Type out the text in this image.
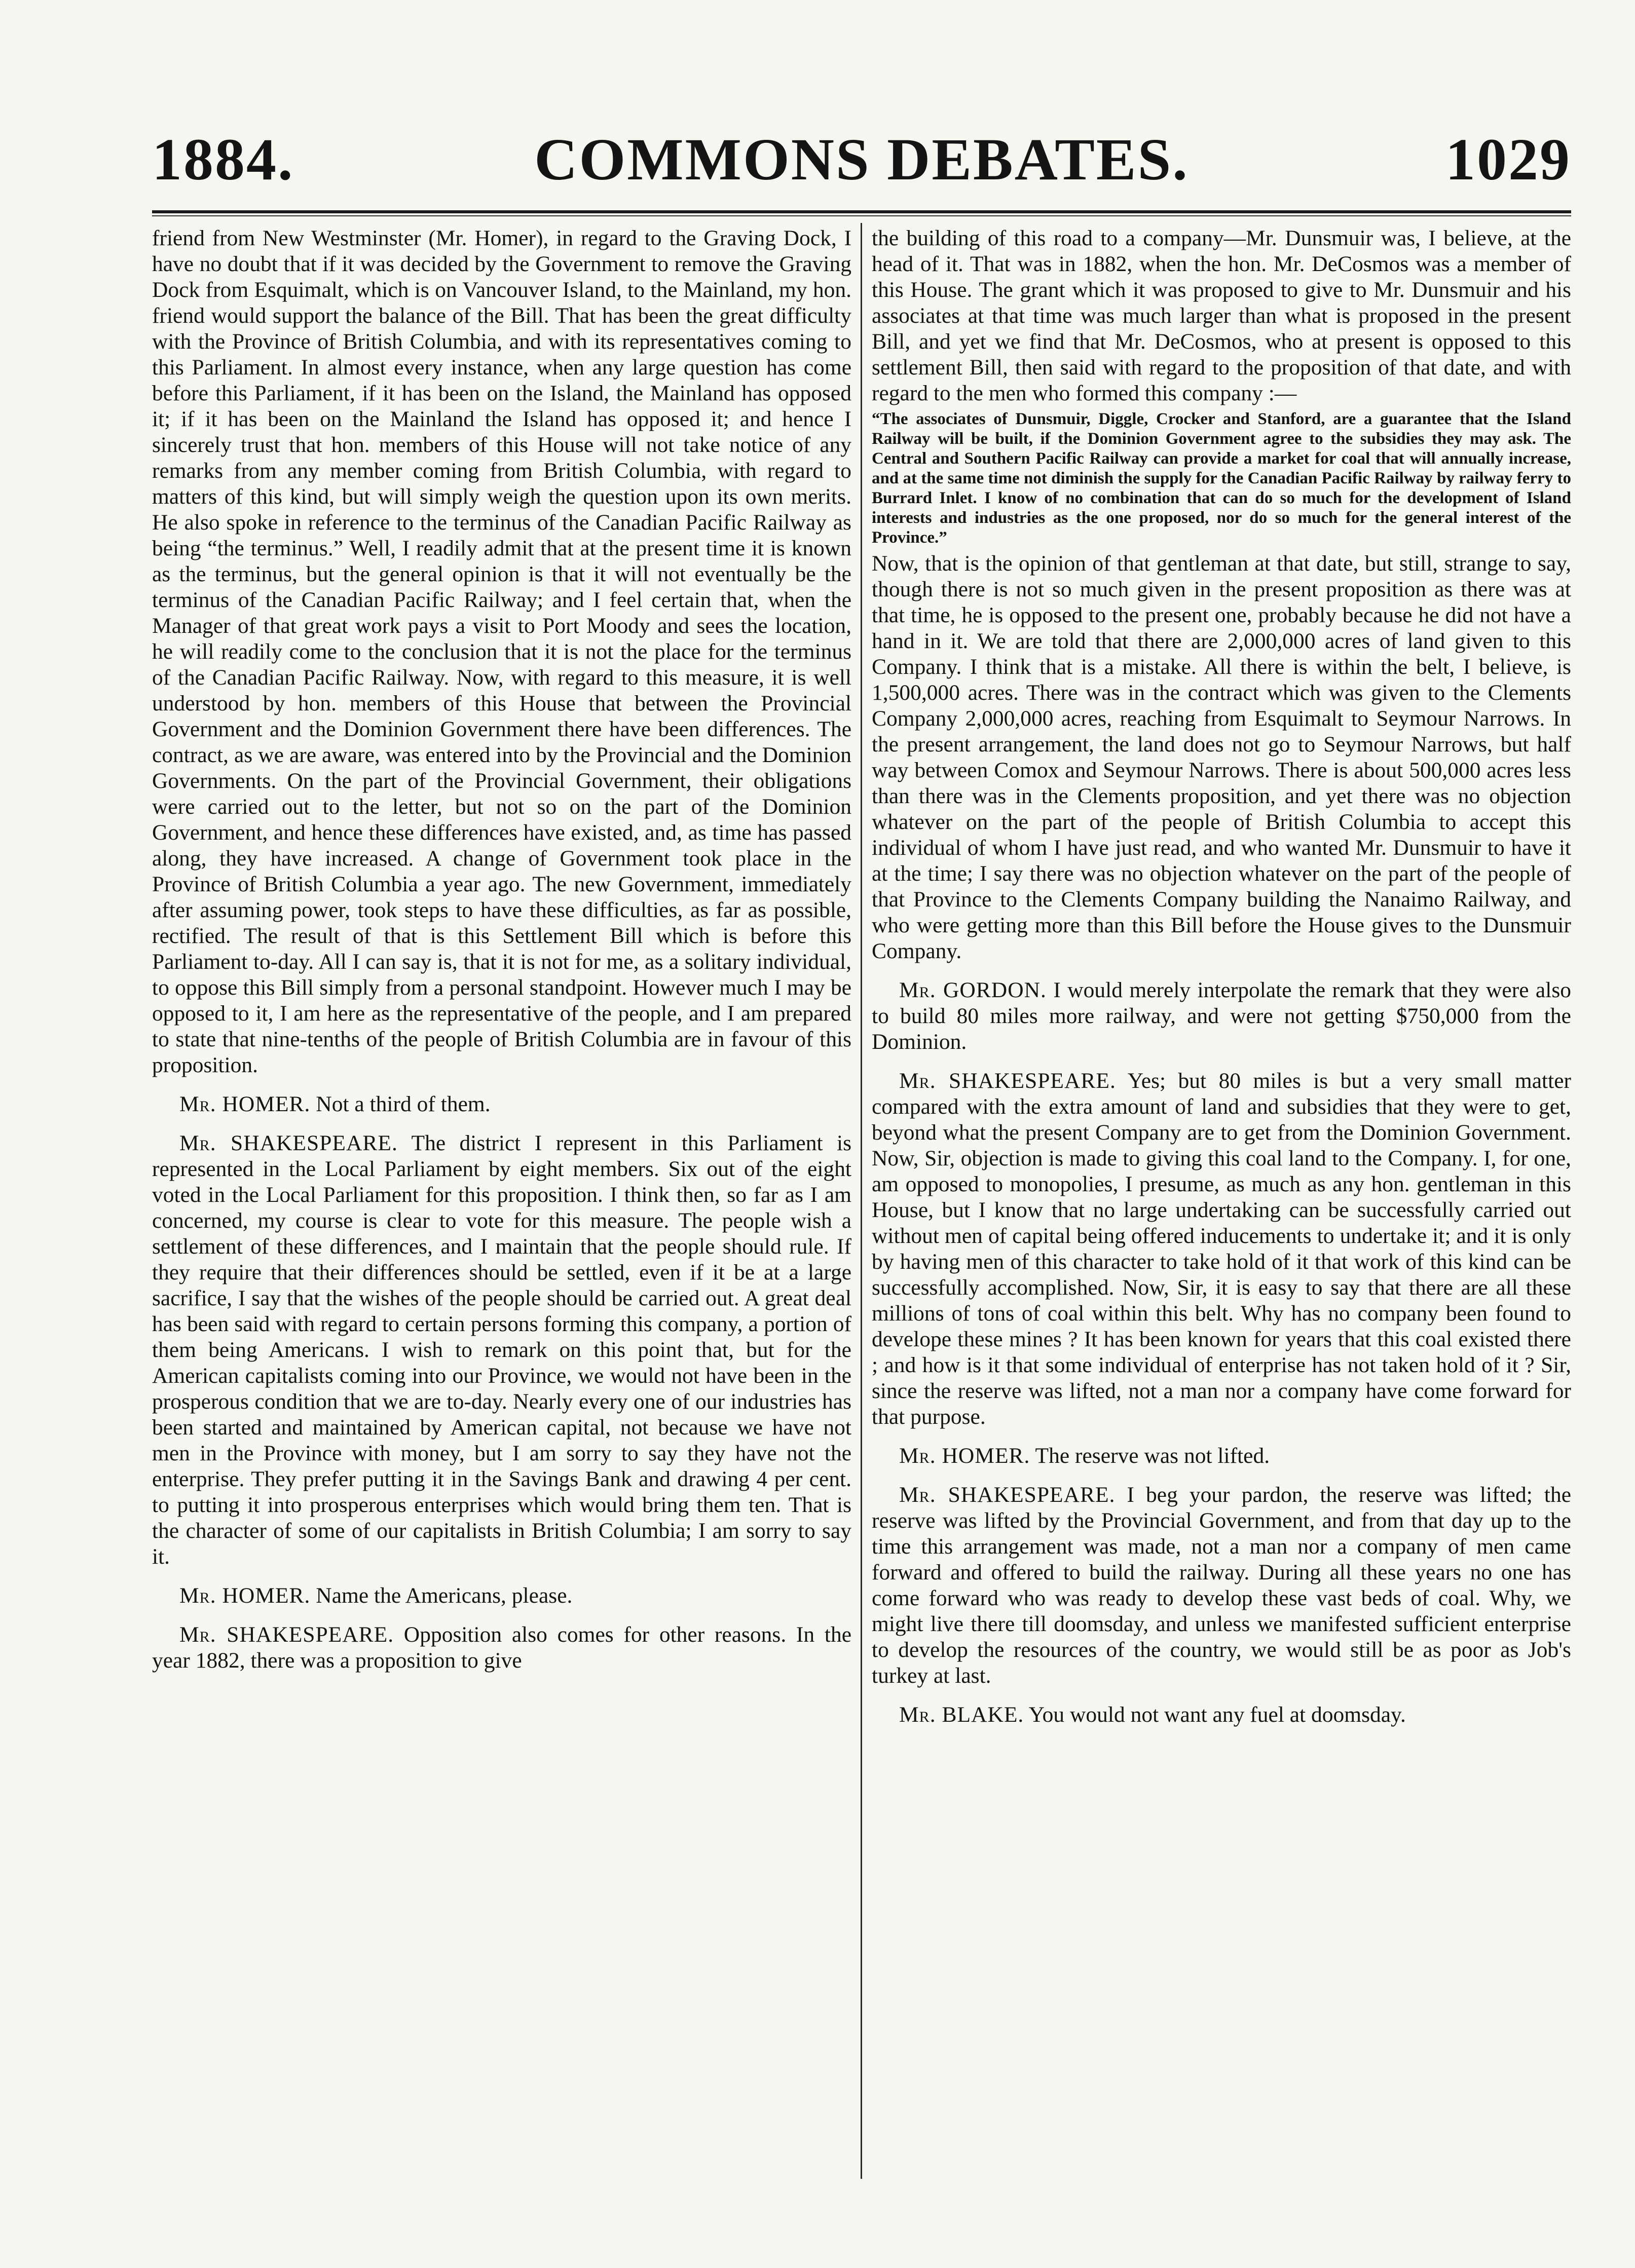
1884.	COMMONS DEBATES.	1029

friend from New Westminster (Mr. Homer), in regard to the Graving Dock, I have no doubt that if it was decided by the Government to remove the Graving Dock from Esquimalt, which is on Vancouver Island, to the Mainland, my hon. friend would support the balance of the Bill. That has been the great difficulty with the Province of British Columbia, and with its representatives coming to this Parliament. In almost every instance, when any large question has come before this Parliament, if it has been on the Island, the Mainland has opposed it; if it has been on the Mainland the Island has opposed it; and hence I sincerely trust that hon. members of this House will not take notice of any remarks from any member coming from British Columbia, with regard to matters of this kind, but will simply weigh the question upon its own merits. He also spoke in reference to the terminus of the Canadian Pacific Railway as being “the terminus.” Well, I readily admit that at the present time it is known as the terminus, but the general opinion is that it will not eventually be the terminus of the Canadian Pacific Railway; and I feel certain that, when the Manager of that great work pays a visit to Port Moody and sees the location, he will readily come to the conclusion that it is not the place for the terminus of the Canadian Pacific Railway. Now, with regard to this measure, it is well understood by hon. members of this House that between the Provincial Government and the Dominion Government there have been differences. The contract, as we are aware, was entered into by the Provincial and the Dominion Governments. On the part of the Provincial Government, their obligations were carried out to the letter, but not so on the part of the Dominion Government, and hence these differences have existed, and, as time has passed along, they have increased. A change of Government took place in the Province of British Columbia a year ago. The new Government, immediately after assuming power, took steps to have these difficulties, as far as possible, rectified. The result of that is this Settlement Bill which is before this Parliament to-day. All I can say is, that it is not for me, as a solitary individual, to oppose this Bill simply from a personal standpoint. However much I may be opposed to it, I am here as the representative of the people, and I am prepared to state that nine-tenths of the people of British Columbia are in favour of this proposition.

Mr. HOMER. Not a third of them.

Mr. SHAKESPEARE. The district I represent in this Parliament is represented in the Local Parliament by eight members. Six out of the eight voted in the Local Parliament for this proposition. I think then, so far as I am concerned, my course is clear to vote for this measure. The people wish a settlement of these differences, and I maintain that the people should rule. If they require that their differences should be settled, even if it be at a large sacrifice, I say that the wishes of the people should be carried out. A great deal has been said with regard to certain persons forming this company, a portion of them being Americans. I wish to remark on this point that, but for the American capitalists coming into our Province, we would not have been in the prosperous condition that we are to-day. Nearly every one of our industries has been started and maintained by American capital, not because we have not men in the Province with money, but I am sorry to say they have not the enterprise. They prefer putting it in the Savings Bank and drawing 4 per cent. to putting it into prosperous enterprises which would bring them ten. That is the character of some of our capitalists in British Columbia; I am sorry to say it.

Mr. HOMER. Name the Americans, please.

Mr. SHAKESPEARE. Opposition also comes for other reasons. In the year 1882, there was a proposition to give

the building of this road to a company—Mr. Dunsmuir was, I believe, at the head of it. That was in 1882, when the hon. Mr. DeCosmos was a member of this House. The grant which it was proposed to give to Mr. Dunsmuir and his associates at that time was much larger than what is proposed in the present Bill, and yet we find that Mr. DeCosmos, who at present is opposed to this settlement Bill, then said with regard to the proposition of that date, and with regard to the men who formed this company :—

“The associates of Dunsmuir, Diggle, Crocker and Stanford, are a guarantee that the Island Railway will be built, if the Dominion Government agree to the subsidies they may ask. The Central and Southern Pacific Railway can provide a market for coal that will annually increase, and at the same time not diminish the supply for the Canadian Pacific Railway by railway ferry to Burrard Inlet. I know of no combination that can do so much for the development of Island interests and industries as the one proposed, nor do so much for the general interest of the Province.”

Now, that is the opinion of that gentleman at that date, but still, strange to say, though there is not so much given in the present proposition as there was at that time, he is opposed to the present one, probably because he did not have a hand in it. We are told that there are 2,000,000 acres of land given to this Company. I think that is a mistake. All there is within the belt, I believe, is 1,500,000 acres. There was in the contract which was given to the Clements Company 2,000,000 acres, reaching from Esquimalt to Seymour Narrows. In the present arrangement, the land does not go to Seymour Narrows, but half way between Comox and Seymour Narrows. There is about 500,000 acres less than there was in the Clements proposition, and yet there was no objection whatever on the part of the people of British Columbia to accept this individual of whom I have just read, and who wanted Mr. Dunsmuir to have it at the time; I say there was no objection whatever on the part of the people of that Province to the Clements Company building the Nanaimo Railway, and who were getting more than this Bill before the House gives to the Dunsmuir Company.

Mr. GORDON. I would merely interpolate the remark that they were also to build 80 miles more railway, and were not getting $750,000 from the Dominion.

Mr. SHAKESPEARE. Yes; but 80 miles is but a very small matter compared with the extra amount of land and subsidies that they were to get, beyond what the present Company are to get from the Dominion Government. Now, Sir, objection is made to giving this coal land to the Company. I, for one, am opposed to monopolies, I presume, as much as any hon. gentleman in this House, but I know that no large undertaking can be successfully carried out without men of capital being offered inducements to undertake it; and it is only by having men of this character to take hold of it that work of this kind can be successfully accomplished. Now, Sir, it is easy to say that there are all these millions of tons of coal within this belt. Why has no company been found to develope these mines ? It has been known for years that this coal existed there ; and how is it that some individual of enterprise has not taken hold of it ? Sir, since the reserve was lifted, not a man nor a company have come forward for that purpose.

Mr. HOMER. The reserve was not lifted.

Mr. SHAKESPEARE. I beg your pardon, the reserve was lifted; the reserve was lifted by the Provincial Government, and from that day up to the time this arrangement was made, not a man nor a company of men came forward and offered to build the railway. During all these years no one has come forward who was ready to develop these vast beds of coal. Why, we might live there till doomsday, and unless we manifested sufficient enterprise to develop the resources of the country, we would still be as poor as Job's turkey at last.

Mr. BLAKE. You would not want any fuel at doomsday.
